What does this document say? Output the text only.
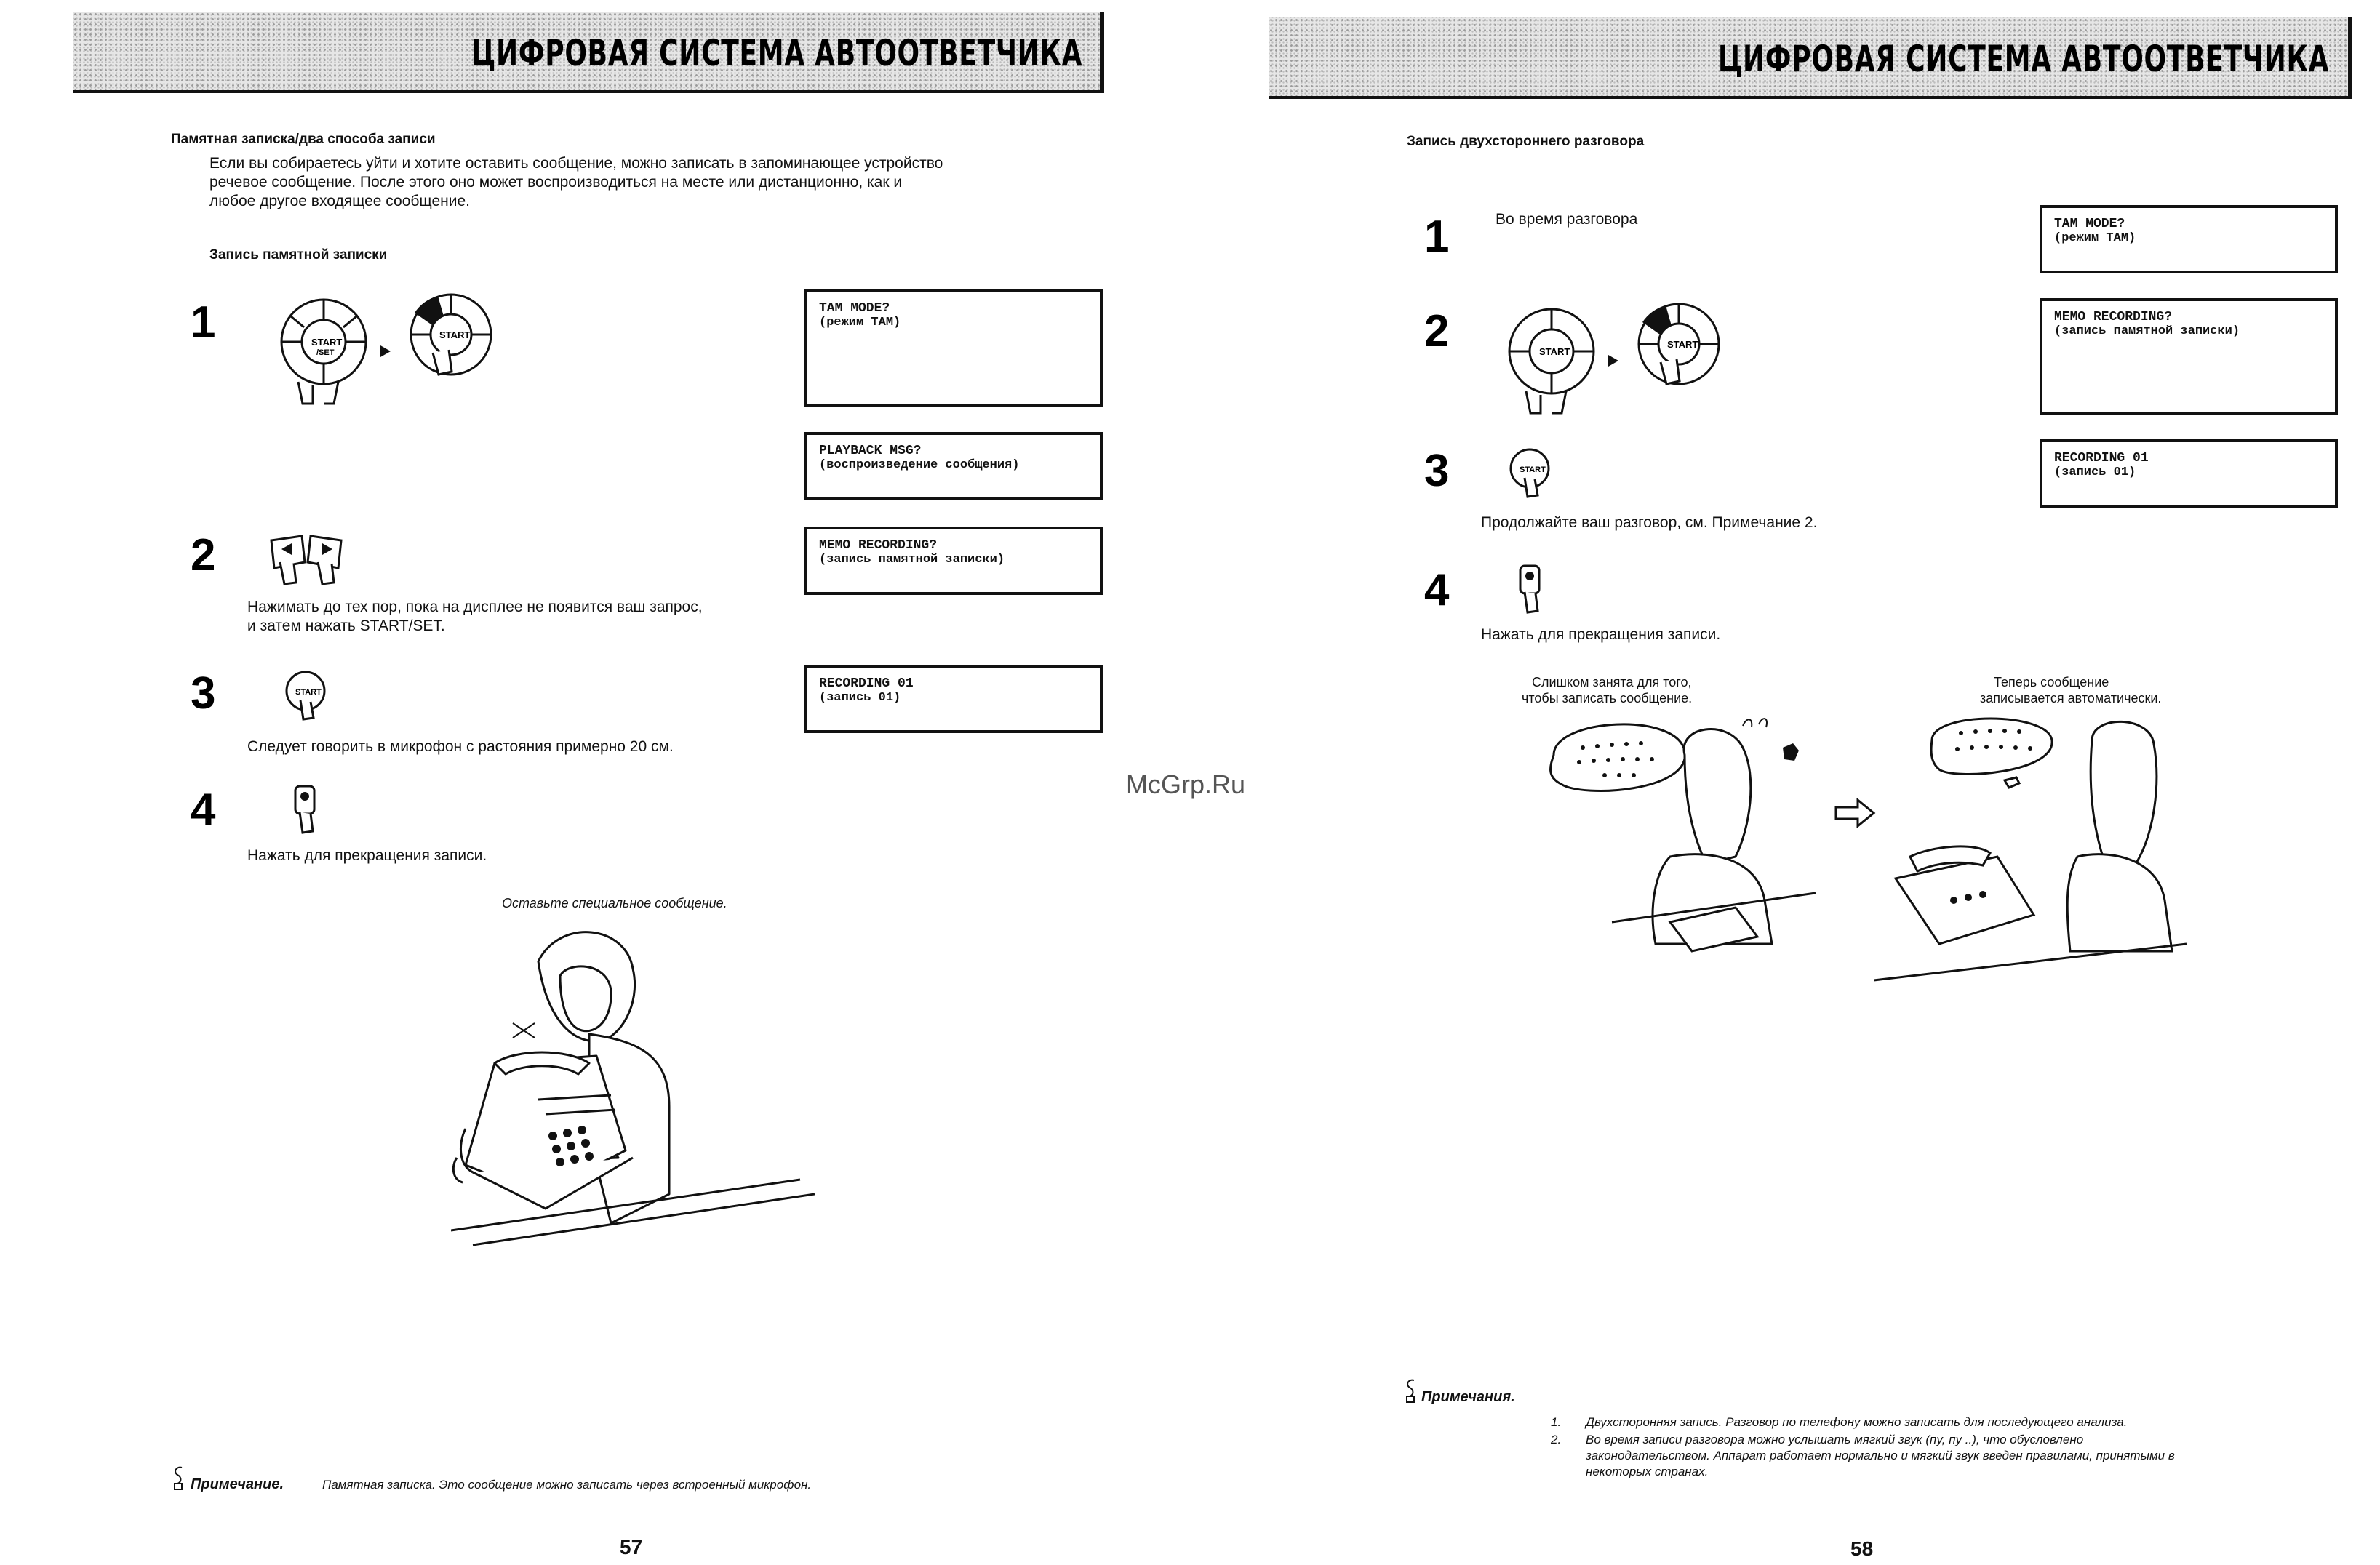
ЦИФРОВАЯ СИСТЕМА АВТООТВЕТЧИКА
Памятная записка/два способа записи
Если вы собираетесь уйти и хотите оставить сообщение, можно записать в запоминающее устройство
речевое сообщение. После этого оно может воспроизводиться на месте или дистанционно, как и
любое другое входящее сообщение.
Запись памятной записки
1	START
/SET
START
TAM MODE?
(режим TAM)
PLAYBACK MSG?
(воспроизведение сообщения)
2	MEMO RECORDING?
(запись памятной записки)
Нажимать до тех пор, пока на дисплее не появится ваш запрос,
и затем нажать START/SET.
3	START
RECORDING 01
(запись 01)
Следует говорить в микрофон с растояния примерно 20 см.
4
Нажать для прекращения записи.
Оставьте специальное сообщение.
Примечание.	Памятная записка. Это сообщение можно записать через встроенный микрофон.
57
ЦИФРОВАЯ СИСТЕМА АВТООТВЕТЧИКА
Запись двухстороннего разговора
1	Во время разговора	TAM MODE?
(режим TAM)
2	START
START
MEMO RECORDING?
(запись памятной записки)
3	START
RECORDING 01
(запись 01)
Продолжайте ваш разговор, см. Примечание 2.
4
Нажать для прекращения записи.
Слишком занята для того,
чтобы записать сообщение.
Теперь сообщение
записывается автоматически.
Примечания.
1. Двухсторонняя запись. Разговор по телефону можно записать для последующего анализа.
2. Во время записи разговора можно услышать мягкий звук (пу, пу ..), что обусловлено
законодательством. Аппарат работает нормально и мягкий звук введен правилами, принятыми в
некоторых странах.
58
McGrp.Ru
